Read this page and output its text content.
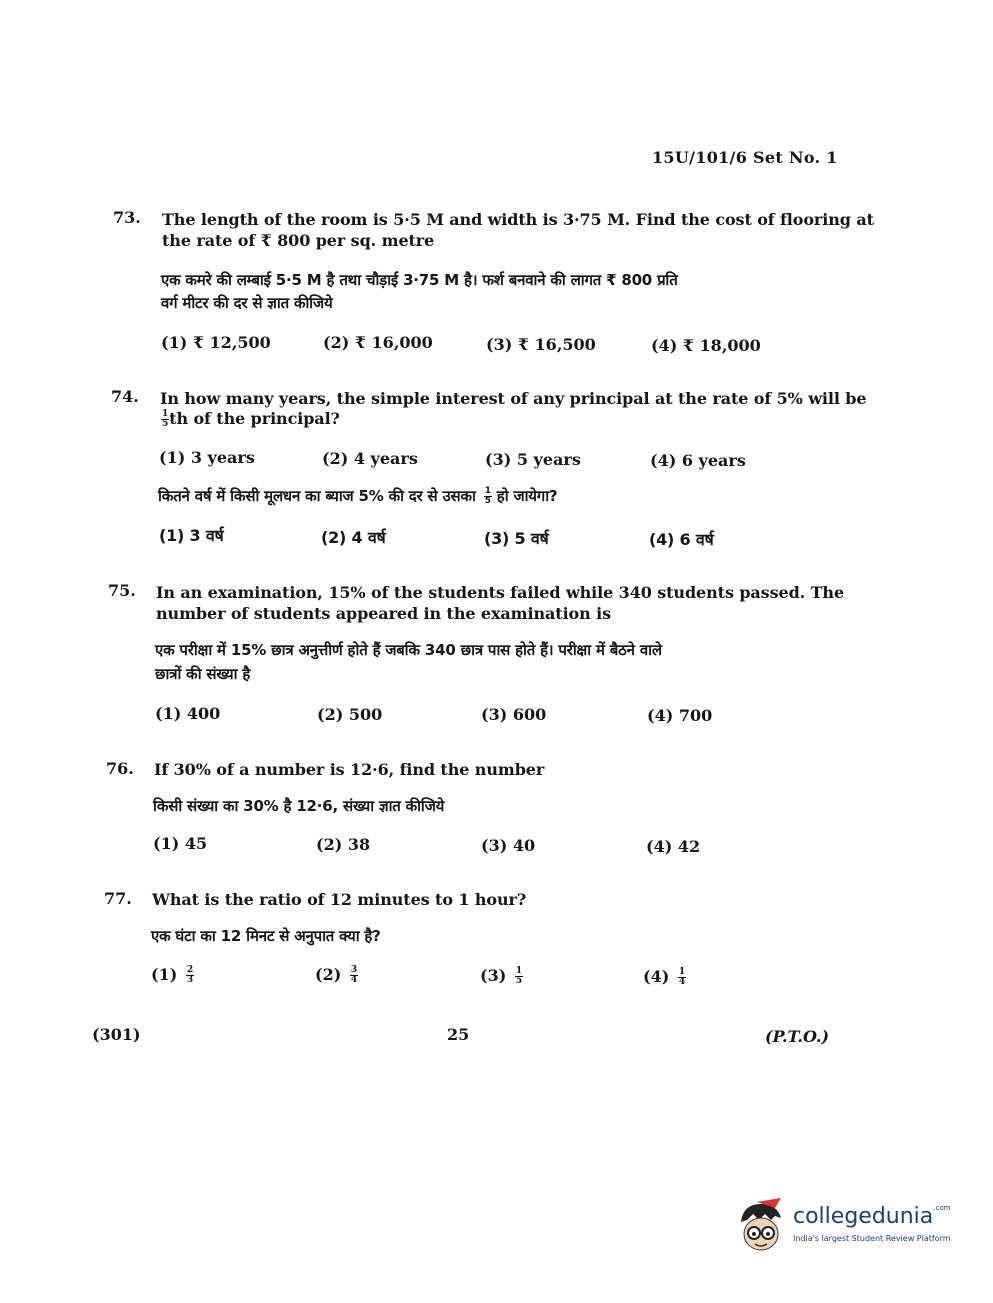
15U/101/6 Set No. 1
73. The length of the room is 5·5 M and width is 3·75 M. Find the cost of flooring at
the rate of ₹ 800 per sq. metre
एक कमरे की लम्बाई 5·5 M है तथा चौड़ाई 3·75 M है। फर्श बनवाने की लागत ₹ 800 प्रति
वर्ग मीटर की दर से ज्ञात कीजिये
(1) ₹ 12,500	(2) ₹ 16,000	(3) ₹ 16,500	(4) ₹ 18,000
74. In how many years, the simple interest of any principal at the rate of 5% will be
$\frac{1}{5}$ th of the principal?
(1) 3 years	(2) 4 years	(3) 5 years	(4) 6 years
कितने वर्ष में किसी मूलधन का ब्याज 5% की दर से उसका $\frac{1}{5}$ हो जायेगा?
(1) 3 वर्ष	(2) 4 वर्ष	(3) 5 वर्ष	(4) 6 वर्ष
75. In an examination, 15% of the students failed while 340 students passed. The
number of students appeared in the examination is
एक परीक्षा में 15% छात्र अनुत्तीर्ण होते हैं जबकि 340 छात्र पास होते हैं। परीक्षा में बैठने वाले
छात्रों की संख्या है
(1) 400	(2) 500	(3) 600	(4) 700
76. If 30% of a number is 12·6, find the number
किसी संख्या का 30% है 12·6, संख्या ज्ञात कीजिये
(1) 45	(2) 38	(3) 40	(4) 42
77. What is the ratio of 12 minutes to 1 hour?
एक घंटा का 12 मिनट से अनुपात क्या है?
$(1) \frac{2}{3}$	$(2) \frac{3}{4}$	$(3) \frac{1}{5}$	$(4) \frac{1}{4}$
(301)	25	(P.T.O.)
collegedunia$^{.com}$
India's largest Student Review Platform
